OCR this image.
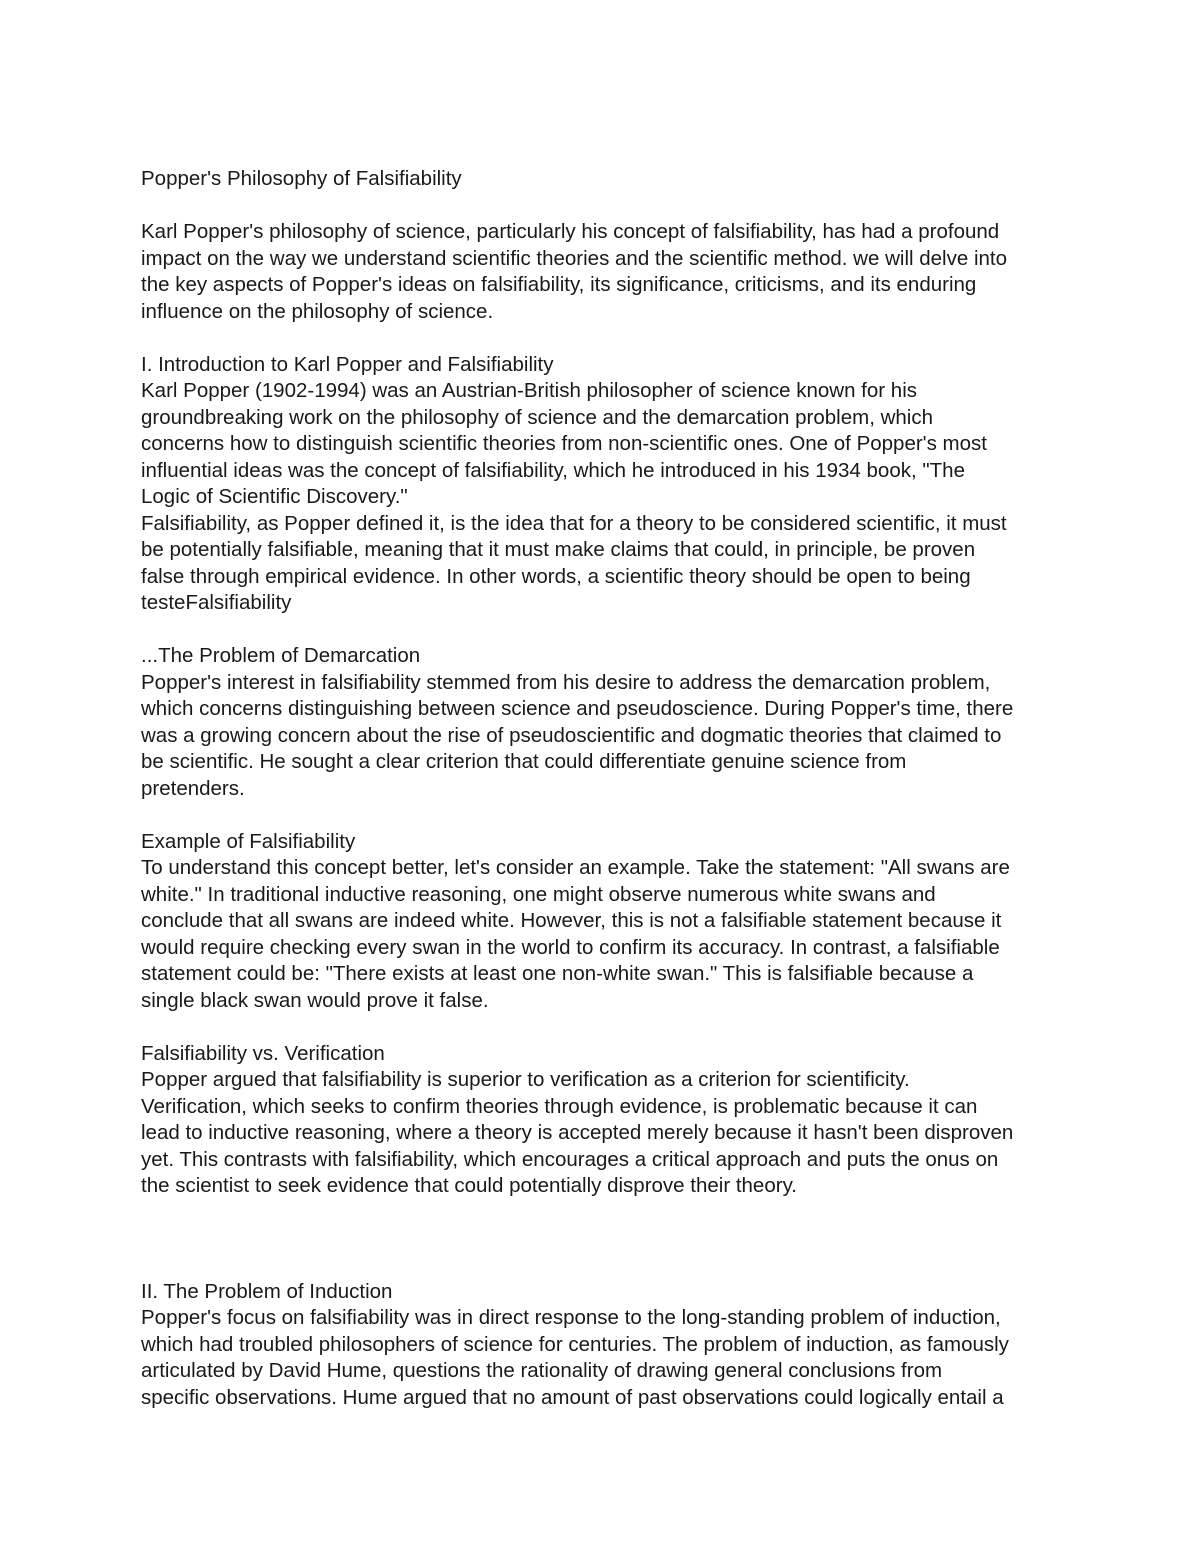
Popper's Philosophy of Falsifiability
Karl Popper's philosophy of science, particularly his concept of falsifiability, has had a profound
impact on the way we understand scientific theories and the scientific method. we will delve into
the key aspects of Popper's ideas on falsifiability, its significance, criticisms, and its enduring
influence on the philosophy of science.
I. Introduction to Karl Popper and Falsifiability
Karl Popper (1902-1994) was an Austrian-British philosopher of science known for his
groundbreaking work on the philosophy of science and the demarcation problem, which
concerns how to distinguish scientific theories from non-scientific ones. One of Popper's most
influential ideas was the concept of falsifiability, which he introduced in his 1934 book, "The
Logic of Scientific Discovery."
Falsifiability, as Popper defined it, is the idea that for a theory to be considered scientific, it must
be potentially falsifiable, meaning that it must make claims that could, in principle, be proven
false through empirical evidence. In other words, a scientific theory should be open to being
testeFalsifiability
...The Problem of Demarcation
Popper's interest in falsifiability stemmed from his desire to address the demarcation problem,
which concerns distinguishing between science and pseudoscience. During Popper's time, there
was a growing concern about the rise of pseudoscientific and dogmatic theories that claimed to
be scientific. He sought a clear criterion that could differentiate genuine science from
pretenders.
Example of Falsifiability
To understand this concept better, let's consider an example. Take the statement: "All swans are
white." In traditional inductive reasoning, one might observe numerous white swans and
conclude that all swans are indeed white. However, this is not a falsifiable statement because it
would require checking every swan in the world to confirm its accuracy. In contrast, a falsifiable
statement could be: "There exists at least one non-white swan." This is falsifiable because a
single black swan would prove it false.
Falsifiability vs. Verification
Popper argued that falsifiability is superior to verification as a criterion for scientificity.
Verification, which seeks to confirm theories through evidence, is problematic because it can
lead to inductive reasoning, where a theory is accepted merely because it hasn't been disproven
yet. This contrasts with falsifiability, which encourages a critical approach and puts the onus on
the scientist to seek evidence that could potentially disprove their theory.
II. The Problem of Induction
Popper's focus on falsifiability was in direct response to the long-standing problem of induction,
which had troubled philosophers of science for centuries. The problem of induction, as famously
articulated by David Hume, questions the rationality of drawing general conclusions from
specific observations. Hume argued that no amount of past observations could logically entail a
